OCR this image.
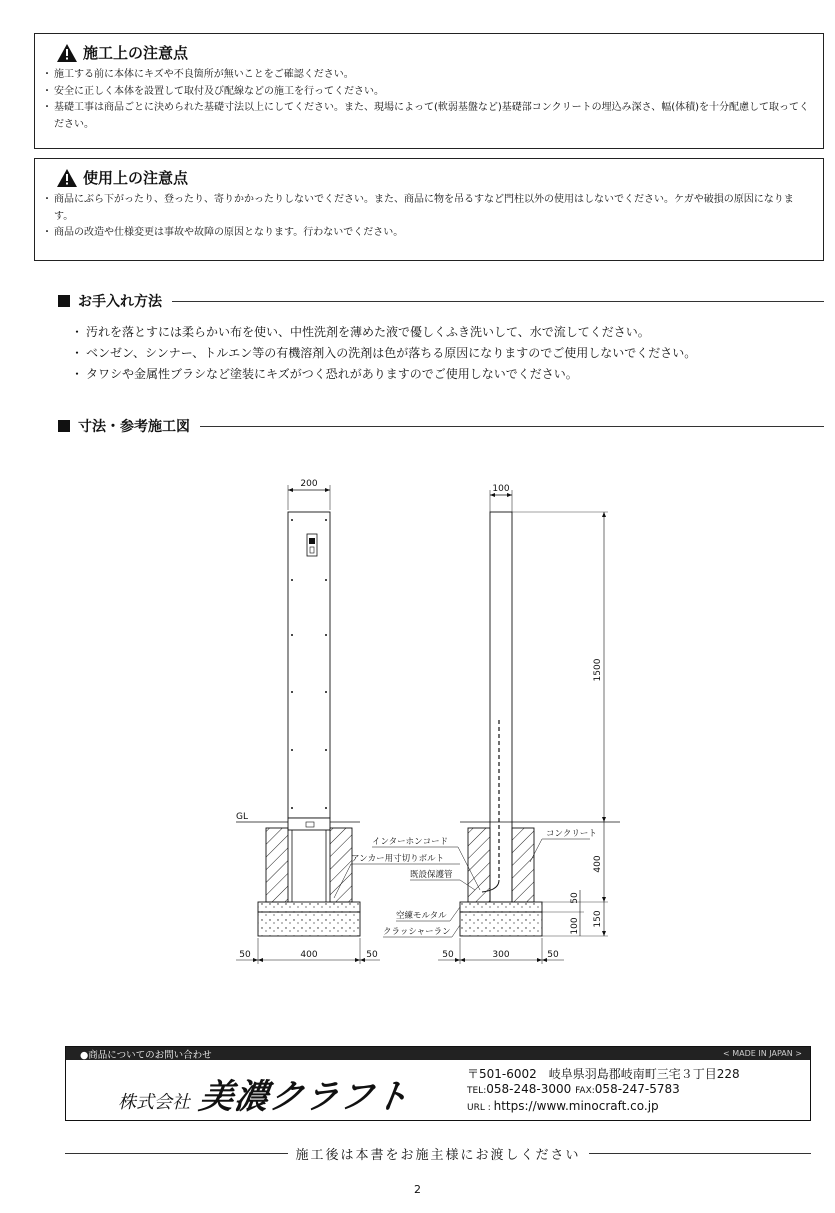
施工上の注意点
・ 施工する前に本体にキズや不良箇所が無いことをご確認ください。
・ 安全に正しく本体を設置して取付及び配線などの施工を行ってください。
・ 基礎工事は商品ごとに決められた基礎寸法以上にしてください。また、現場によって(軟弱基盤など)基礎部コンクリートの埋込み深さ、幅(体積)を十分配慮して取ってください。
使用上の注意点
・ 商品にぶら下がったり、登ったり、寄りかかったりしないでください。また、商品に物を吊るすなど門柱以外の使用はしないでください。ケガや破損の原因になります。
・ 商品の改造や仕様変更は事故や故障の原因となります。行わないでください。
お手入れ方法
・ 汚れを落とすには柔らかい布を使い、中性洗剤を薄めた液で優しくふき洗いして、水で流してください。
・ ベンゼン、シンナー、トルエン等の有機溶剤入の洗剤は色が落ちる原因になりますのでご使用しないでください。
・ タワシや金属性ブラシなど塗装にキズがつく恐れがありますのでご使用しないでください。
寸法・参考施工図
200
GL
50	400	50
100
1500
400
50
100 150
50	300	50
インターホンコード
アンカー用寸切りボルト
既設保護管
コンクリート
空練モルタル
クラッシャーラン
●商品についてのお問い合わせ	< MADE IN JAPAN >
株式会社 美濃クラフト
〒501-6002　岐阜県羽島郡岐南町三宅３丁目228
TEL:058-248-3000 FAX:058-247-5783
URL : https://www.minocraft.co.jp
施工後は本書をお施主様にお渡しください
2
